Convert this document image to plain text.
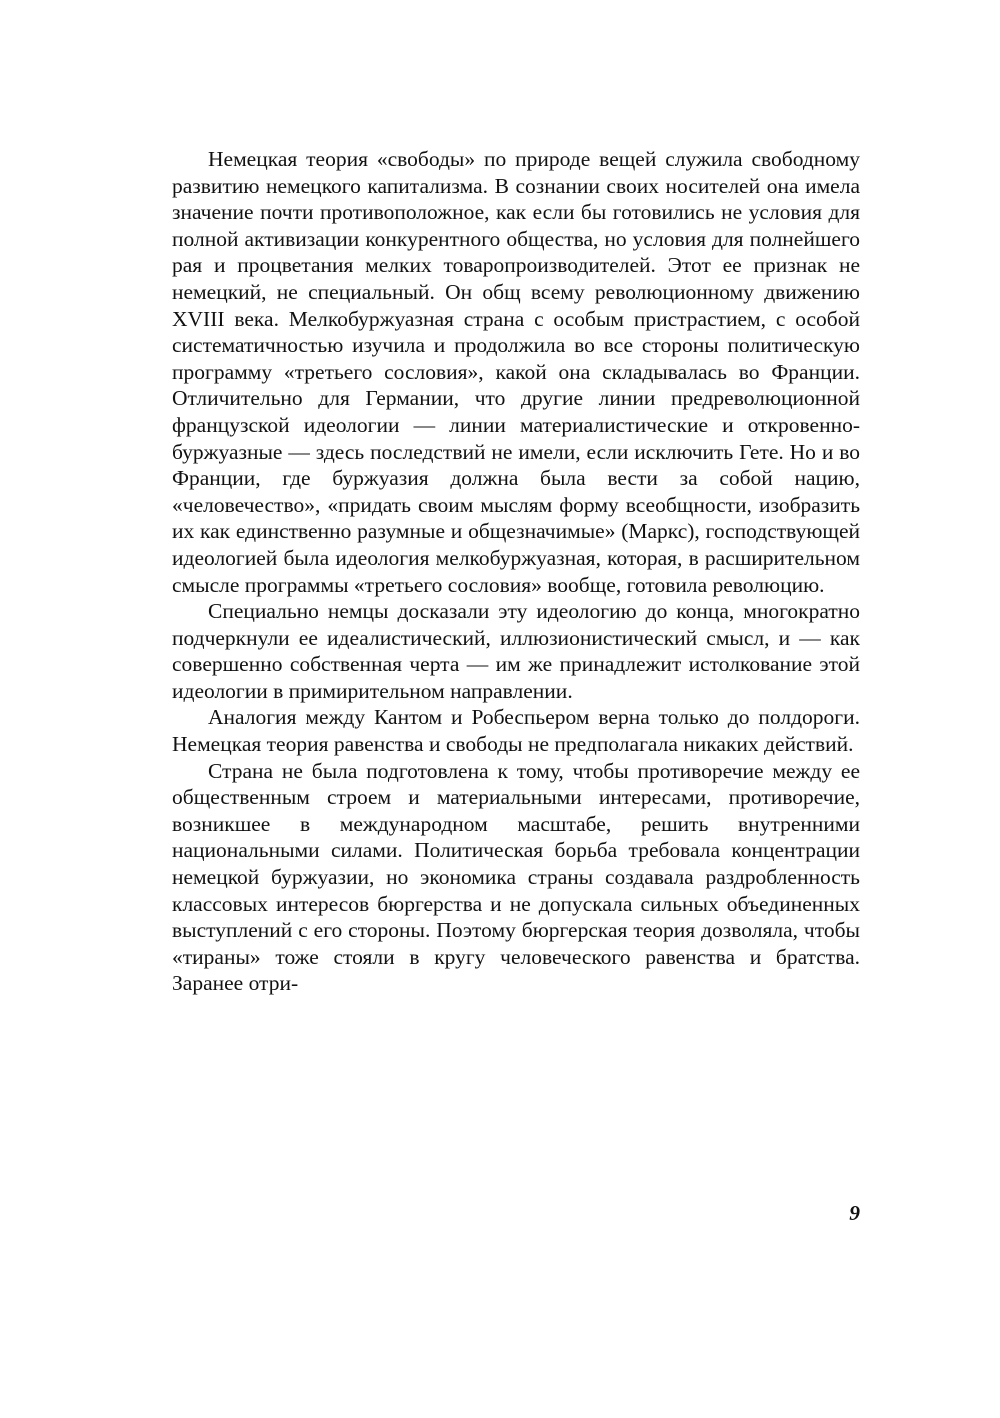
Немецкая теория «свободы» по природе вещей служила свободному развитию немецкого капитализма. В сознании своих носителей она имела значение почти противоположное, как если бы готовились не условия для полной активизации конкурентного общества, но условия для полнейшего рая и процветания мелких товаропроизводителей. Этот ее признак не немецкий, не специальный. Он общ всему революционному движению XVIII века. Мелкобуржуазная страна с особым пристрастием, с особой систематичностью изучила и продолжила во все стороны политическую программу «третьего сословия», какой она складывалась во Франции. Отличительно для Германии, что другие линии предреволюционной французской идеологии — линии материалистические и откровенно-буржуазные — здесь последствий не имели, если исключить Гете. Но и во Франции, где буржуазия должна была вести за собой нацию, «человечество», «придать своим мыслям форму всеобщности, изобразить их как единственно разумные и общезначимые» (Маркс), господствующей идеологией была идеология мелкобуржуазная, которая, в расширительном смысле программы «третьего сословия» вообще, готовила революцию.

Специально немцы досказали эту идеологию до конца, многократно подчеркнули ее идеалистический, иллюзионистический смысл, и — как совершенно собственная черта — им же принадлежит истолкование этой идеологии в примирительном направлении.

Аналогия между Кантом и Робеспьером верна только до полдороги. Немецкая теория равенства и свободы не предполагала никаких действий.

Страна не была подготовлена к тому, чтобы противоречие между ее общественным строем и материальными интересами, противоречие, возникшее в международном масштабе, решить внутренними национальными силами. Политическая борьба требовала концентрации немецкой буржуазии, но экономика страны создавала раздробленность классовых интересов бюргерства и не допускала сильных объединенных выступлений с его стороны. Поэтому бюргерская теория дозволяла, чтобы «тираны» тоже стояли в кругу человеческого равенства и братства. Заранее отри-

9
